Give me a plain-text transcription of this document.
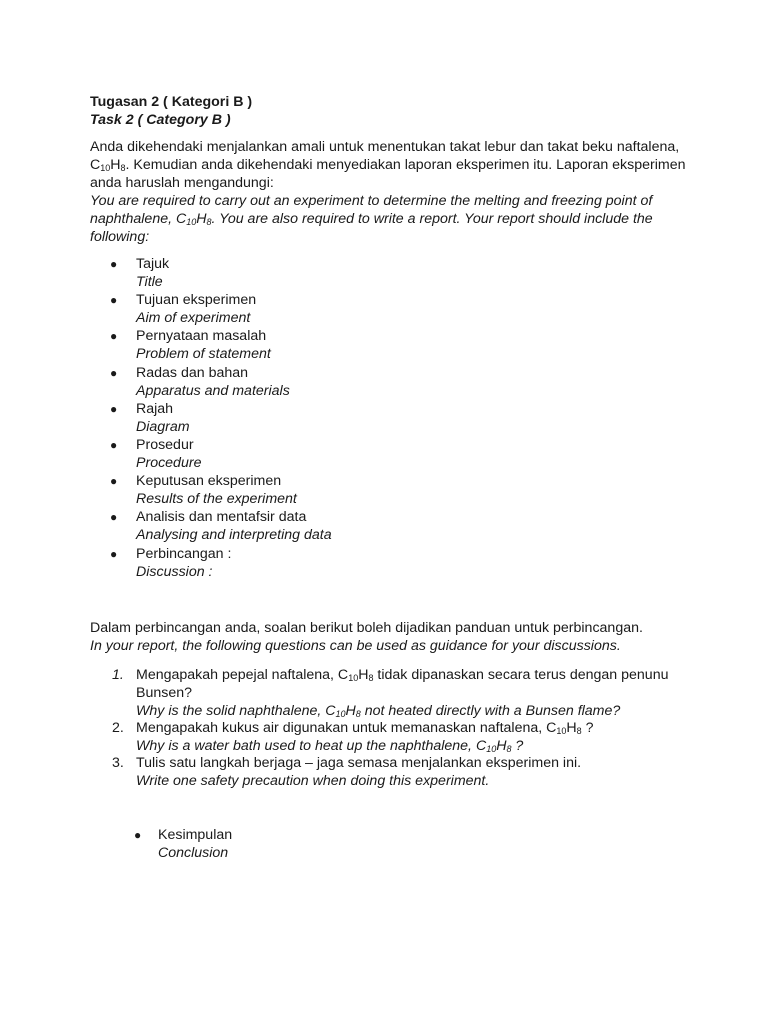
Tugasan 2 ( Kategori B )
Task 2 ( Category B )
Anda dikehendaki menjalankan amali untuk menentukan takat lebur dan takat beku naftalena,
$C_{10}H_8$. Kemudian anda dikehendaki menyediakan laporan eksperimen itu. Laporan eksperimen
anda haruslah mengandungi:
You are required to carry out an experiment to determine the melting and freezing point of
naphthalene, $C_{10}H_8$. You are also required to write a report. Your report should include the
following:
● Tajuk
Title
● Tujuan eksperimen
Aim of experiment
● Pernyataan masalah
Problem of statement
● Radas dan bahan
Apparatus and materials
● Rajah
Diagram
● Prosedur
Procedure
● Keputusan eksperimen
Results of the experiment
● Analisis dan mentafsir data
Analysing and interpreting data
● Perbincangan :
Discussion :
Dalam perbincangan anda, soalan berikut boleh dijadikan panduan untuk perbincangan.
In your report, the following questions can be used as guidance for your discussions.
1. Mengapakah pepejal naftalena, $C_{10}H_8$ tidak dipanaskan secara terus dengan penunu
Bunsen?
Why is the solid naphthalene, $C_{10}H_8$ not heated directly with a Bunsen flame?
2. Mengapakah kukus air digunakan untuk memanaskan naftalena, $C_{10}H_8$ ?
Why is a water bath used to heat up the naphthalene, $C_{10}H_8$ ?
3. Tulis satu langkah berjaga – jaga semasa menjalankan eksperimen ini.
Write one safety precaution when doing this experiment.
● Kesimpulan
Conclusion
